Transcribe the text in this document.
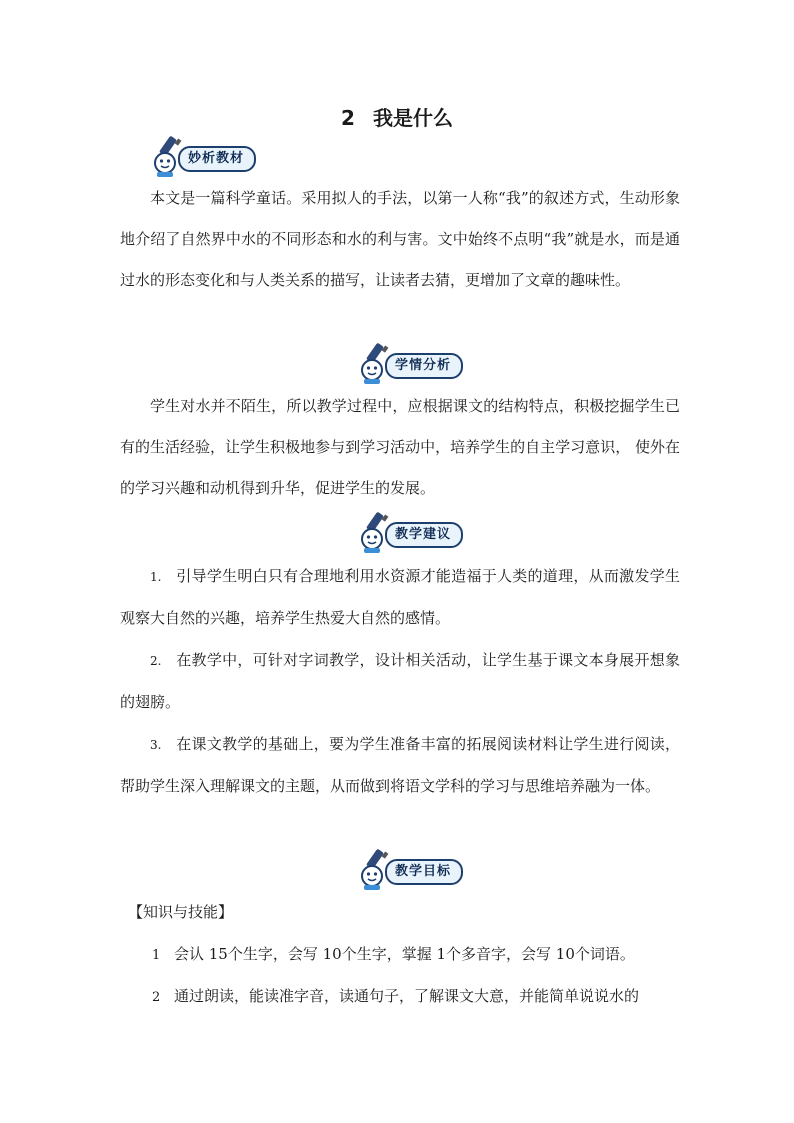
2 我是什么
妙析教材
本文是一篇科学童话。采用拟人的手法，以第一人称“我”的叙述方式，生动形象地介绍了自然界中水的不同形态和水的利与害。文中始终不点明“我”就是水，而是通过水的形态变化和与人类关系的描写，让读者去猜，更增加了文章的趣味性。
学情分析
学生对水并不陌生，所以教学过程中，应根据课文的结构特点，积极挖掘学生已有的生活经验，让学生积极地参与到学习活动中，培养学生的自主学习意识， 使外在的学习兴趣和动机得到升华，促进学生的发展。
教学建议
1. 引导学生明白只有合理地利用水资源才能造福于人类的道理，从而激发学生观察大自然的兴趣，培养学生热爱大自然的感情。
2. 在教学中，可针对字词教学，设计相关活动，让学生基于课文本身展开想象的翅膀。
3. 在课文教学的基础上，要为学生准备丰富的拓展阅读材料让学生进行阅读，帮助学生深入理解课文的主题，从而做到将语文学科的学习与思维培养融为一体。
教学目标
【知识与技能】
1 会认 15个生字，会写 10个生字，掌握 1个多音字，会写 10个词语。
2 通过朗读，能读准字音，读通句子，了解课文大意，并能简单说说水的
